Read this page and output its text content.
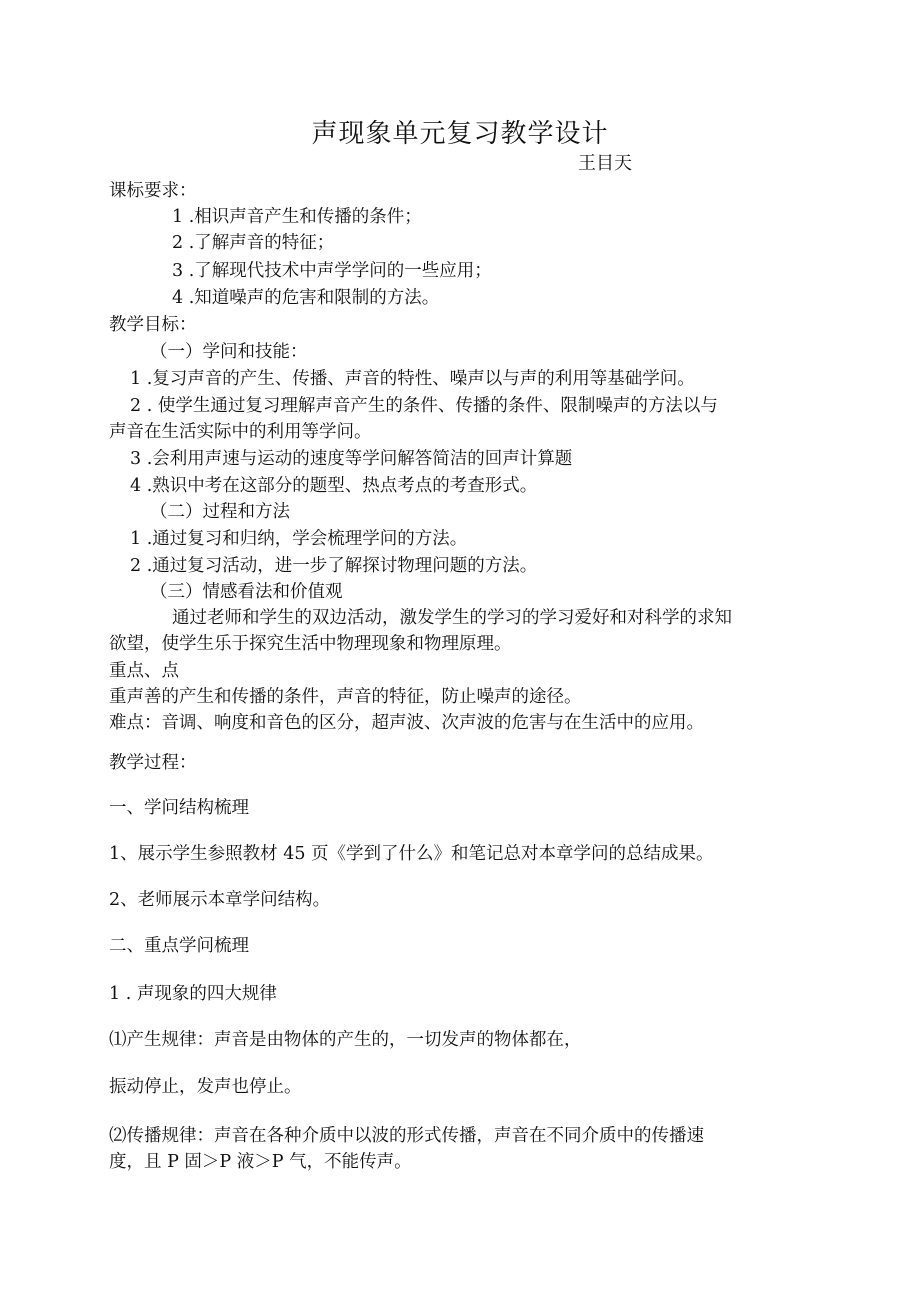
声现象单元复习教学设计
王目天
课标要求：
1 .相识声音产生和传播的条件；
2 .了解声音的特征；
3 .了解现代技术中声学学问的一些应用；
4 .知道噪声的危害和限制的方法。
教学目标：
（一）学问和技能：
1 .复习声音的产生、传播、声音的特性、噪声以与声的利用等基础学问。
2 . 使学生通过复习理解声音产生的条件、传播的条件、限制噪声的方法以与
声音在生活实际中的利用等学问。
3 .会利用声速与运动的速度等学问解答简洁的回声计算题
4 .熟识中考在这部分的题型、热点考点的考查形式。
（二）过程和方法
1 .通过复习和归纳，学会梳理学问的方法。
2 .通过复习活动，进一步了解探讨物理问题的方法。
（三）情感看法和价值观
通过老师和学生的双边活动，激发学生的学习的学习爱好和对科学的求知
欲望，使学生乐于探究生活中物理现象和物理原理。
重点、点
重声善的产生和传播的条件，声音的特征，防止噪声的途径。
难点：音调、响度和音色的区分，超声波、次声波的危害与在生活中的应用。
教学过程：
一、学问结构梳理
1、展示学生参照教材 45 页《学到了什么》和笔记总对本章学问的总结成果。
2、老师展示本章学问结构。
二、重点学问梳理
1 . 声现象的四大规律
⑴产生规律：声音是由物体的产生的，一切发声的物体都在，
振动停止，发声也停止。
⑵传播规律：声音在各种介质中以波的形式传播，声音在不同介质中的传播速
度，且 P 固＞P 液＞P 气，不能传声。
